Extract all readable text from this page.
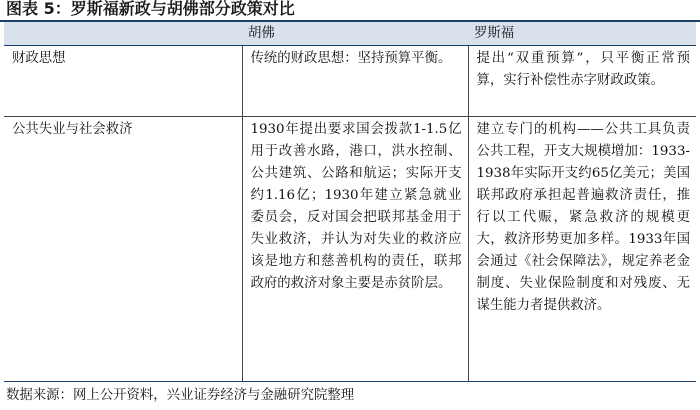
图表 5：罗斯福新政与胡佛部分政策对比
	胡佛	罗斯福
财政思想	传统的财政思想：坚持预算平衡。	提出“双重预算”，只平衡正常预算，实行补偿性赤字财政政策。
公共失业与社会救济	1930年提出要求国会拨款1-1.5亿用于改善水路，港口，洪水控制、公共建筑、公路和航运；实际开支约1.16亿；1930年建立紧急就业委员会，反对国会把联邦基金用于失业救济，并认为对失业的救济应该是地方和慈善机构的责任，联邦政府的救济对象主要是赤贫阶层。	建立专门的机构——公共工具负责公共工程，开支大规模增加：1933-1938年实际开支约65亿美元；美国联邦政府承担起普遍救济责任，推行以工代赈，紧急救济的规模更大，救济形势更加多样。1933年国会通过《社会保障法》，规定养老金制度、失业保险制度和对残废、无谋生能力者提供救济。
数据来源：网上公开资料，兴业证券经济与金融研究院整理
